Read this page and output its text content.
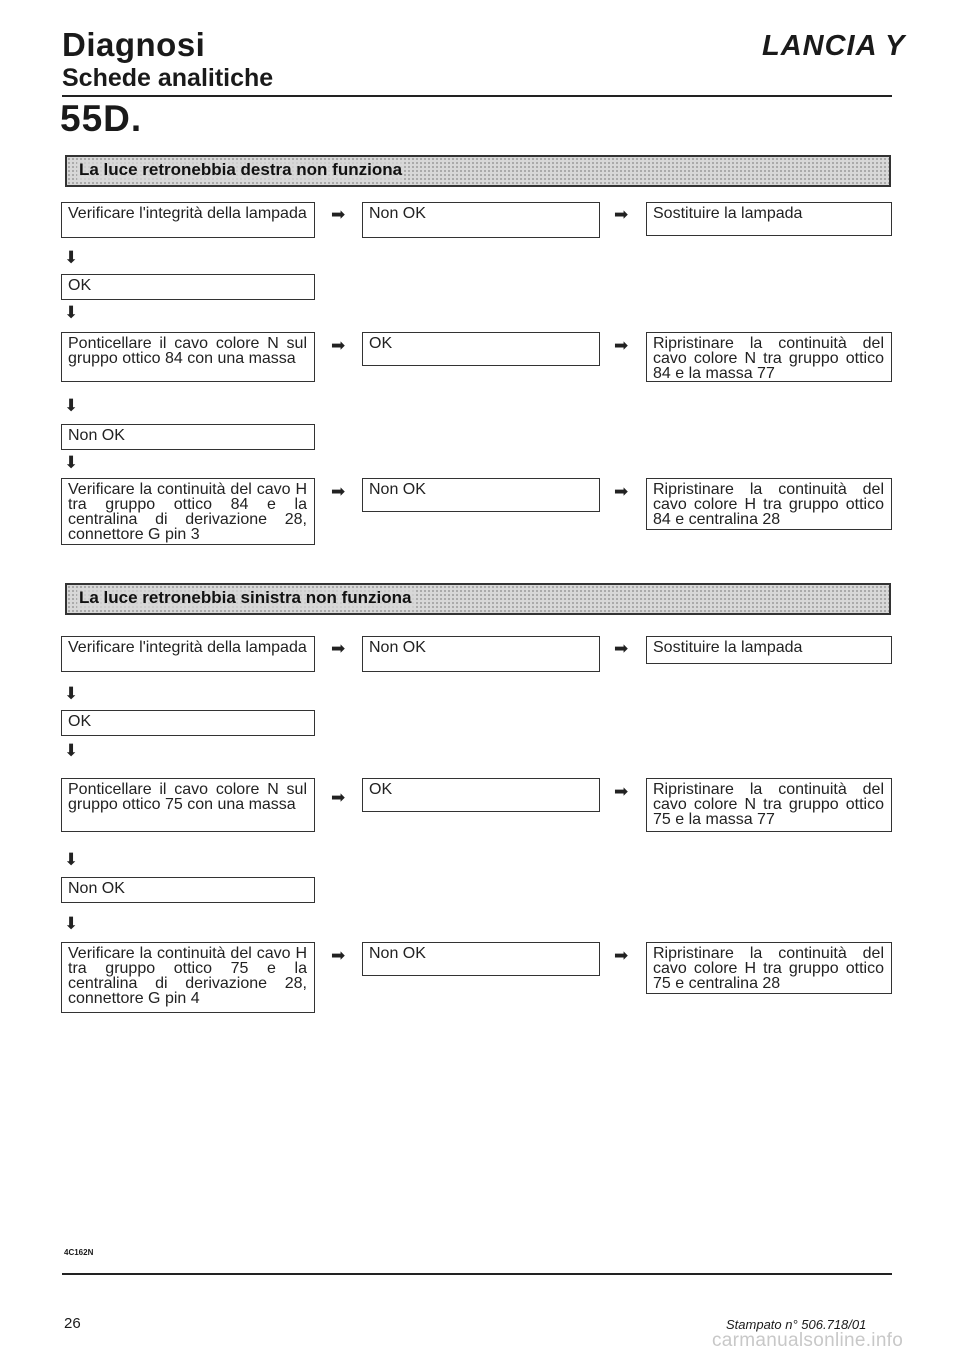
Diagnosi	LANCIA Y
Schede analitiche
55D.
La luce retronebbia destra non funziona
Verificare l'integrità della lampada	➡	Non OK	➡	Sostituire la lampada
⬇
OK
⬇
Ponticellare il cavo colore N sul gruppo ottico 84 con una massa
➡	OK	➡	Ripristinare la continuità del cavo colore N tra gruppo ottico 84 e la massa 77
⬇
Non OK
⬇
Verificare la continuità del cavo H tra gruppo ottico 84 e la centralina di derivazione 28, connettore G pin 3
➡	Non OK	➡	Ripristinare la continuità del cavo colore H tra gruppo ottico 84 e centralina 28
La luce retronebbia sinistra non funziona
Verificare l'integrità della lampada	➡	Non OK	➡	Sostituire la lampada
⬇
OK
⬇
Ponticellare il cavo colore N sul gruppo ottico 75 con una massa	➡	OK	➡	Ripristinare la continuità del cavo colore N tra gruppo ottico 75 e la massa 77
⬇
Non OK
⬇
Verificare la continuità del cavo H tra gruppo ottico 75 e la centralina di derivazione 28, connettore G pin 4
➡	Non OK	➡	Ripristinare la continuità del cavo colore H tra gruppo ottico 75 e centralina 28
4C162N
26	Stampato n° 506.718/01
carmanualsonline.info
